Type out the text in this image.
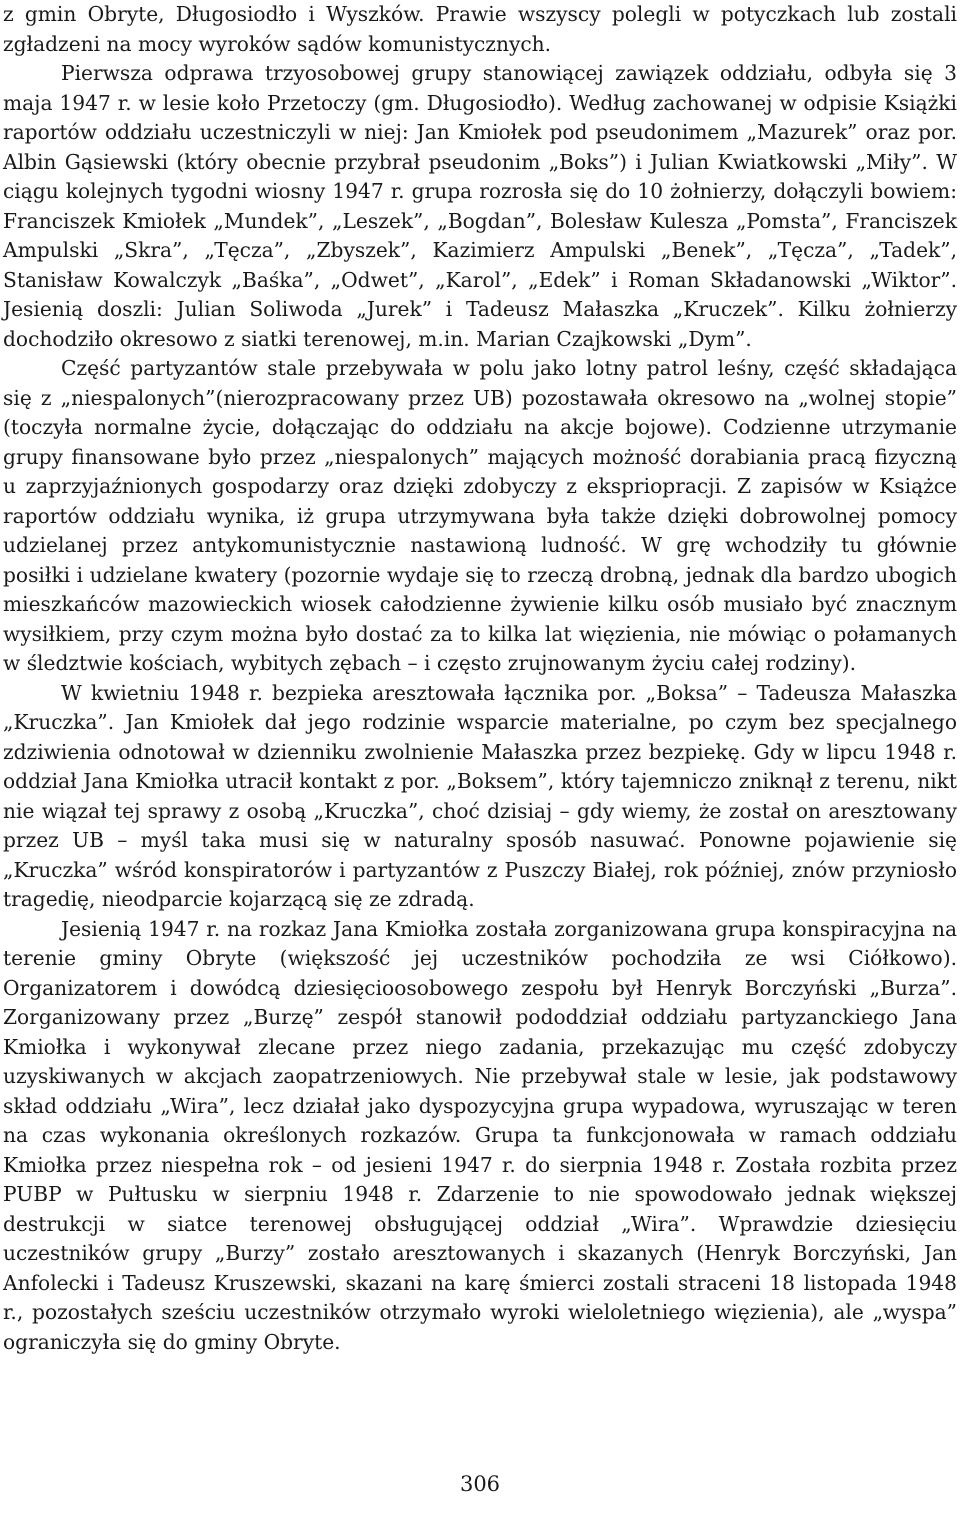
z gmin Obryte, Długosiodło i Wyszków. Prawie wszyscy polegli w potyczkach lub zostali zgładzeni na mocy wyroków sądów komunistycznych.

Pierwsza odprawa trzyosobowej grupy stanowiącej zawiązek oddziału, odbyła się 3 maja 1947 r. w lesie koło Przetoczy (gm. Długosiodło). Według zachowanej w odpisie Książki raportów oddziału uczestniczyli w niej: Jan Kmiołek pod pseudonimem „Mazurek” oraz por. Albin Gąsiewski (który obecnie przybrał pseudonim „Boks”) i Julian Kwiatkowski „Miły”. W ciągu kolejnych tygodni wiosny 1947 r. grupa rozrosła się do 10 żołnierzy, dołączyli bowiem: Franciszek Kmiołek „Mundek”, „Leszek”, „Bogdan”, Bolesław Kulesza „Pomsta”, Franciszek Ampulski „Skra”, „Tęcza”, „Zbyszek”, Kazimierz Ampulski „Benek”, „Tęcza”, „Tadek”, Stanisław Kowalczyk „Baśka”, „Odwet”, „Karol”, „Edek” i Roman Składanowski „Wiktor”. Jesienią doszli: Julian Soliwoda „Jurek” i Tadeusz Małaszka „Kruczek”. Kilku żołnierzy dochodziło okresowo z siatki terenowej, m.in. Marian Czajkowski „Dym”.

Część partyzantów stale przebywała w polu jako lotny patrol leśny, część składająca się z „niespalonych”(nierozpracowany przez UB) pozostawała okresowo na „wolnej stopie” (toczyła normalne życie, dołączając do oddziału na akcje bojowe). Codzienne utrzymanie grupy finansowane było przez „niespalonych” mających możność dorabiania pracą fizyczną u zaprzyjaźnionych gospodarzy oraz dzięki zdobyczy z ekspriopracji. Z zapisów w Książce raportów oddziału wynika, iż grupa utrzymywana była także dzięki dobrowolnej pomocy udzielanej przez antykomunistycznie nastawioną ludność. W grę wchodziły tu głównie posiłki i udzielane kwatery (pozornie wydaje się to rzeczą drobną, jednak dla bardzo ubogich mieszkańców mazowieckich wiosek całodzienne żywienie kilku osób musiało być znacznym wysiłkiem, przy czym można było dostać za to kilka lat więzienia, nie mówiąc o połamanych w śledztwie kościach, wybitych zębach – i często zrujnowanym życiu całej rodziny).

W kwietniu 1948 r. bezpieka aresztowała łącznika por. „Boksa” – Tadeusza Małaszka „Kruczka”. Jan Kmiołek dał jego rodzinie wsparcie materialne, po czym bez specjalnego zdziwienia odnotował w dzienniku zwolnienie Małaszka przez bezpiekę. Gdy w lipcu 1948 r. oddział Jana Kmiołka utracił kontakt z por. „Boksem”, który tajemniczo zniknął z terenu, nikt nie wiązał tej sprawy z osobą „Kruczka”, choć dzisiaj – gdy wiemy, że został on aresztowany przez UB – myśl taka musi się w naturalny sposób nasuwać. Ponowne pojawienie się „Kruczka” wśród konspiratorów i partyzantów z Puszczy Białej, rok później, znów przyniosło tragedię, nieodparcie kojarzącą się ze zdradą.

Jesienią 1947 r. na rozkaz Jana Kmiołka została zorganizowana grupa konspiracyjna na terenie gminy Obryte (większość jej uczestników pochodziła ze wsi Ciółkowo). Organizatorem i dowódcą dziesięcioosobowego zespołu był Henryk Borczyński „Burza”. Zorganizowany przez „Burzę” zespół stanowił pododdział oddziału partyzanckiego Jana Kmiołka i wykonywał zlecane przez niego zadania, przekazując mu część zdobyczy uzyskiwanych w akcjach zaopatrzeniowych. Nie przebywał stale w lesie, jak podstawowy skład oddziału „Wira”, lecz działał jako dyspozycyjna grupa wypadowa, wyruszając w teren na czas wykonania określonych rozkazów. Grupa ta funkcjonowała w ramach oddziału Kmiołka przez niespełna rok – od jesieni 1947 r. do sierpnia 1948 r. Została rozbita przez PUBP w Pułtusku w sierpniu 1948 r. Zdarzenie to nie spowodowało jednak większej destrukcji w siatce terenowej obsługującej oddział „Wira”. Wprawdzie dziesięciu uczestników grupy „Burzy” zostało aresztowanych i skazanych (Henryk Borczyński, Jan Anfolecki i Tadeusz Kruszewski, skazani na karę śmierci zostali straceni 18 listopada 1948 r., pozostałych sześciu uczestników otrzymało wyroki wieloletniego więzienia), ale „wyspa” ograniczyła się do gminy Obryte.

306
